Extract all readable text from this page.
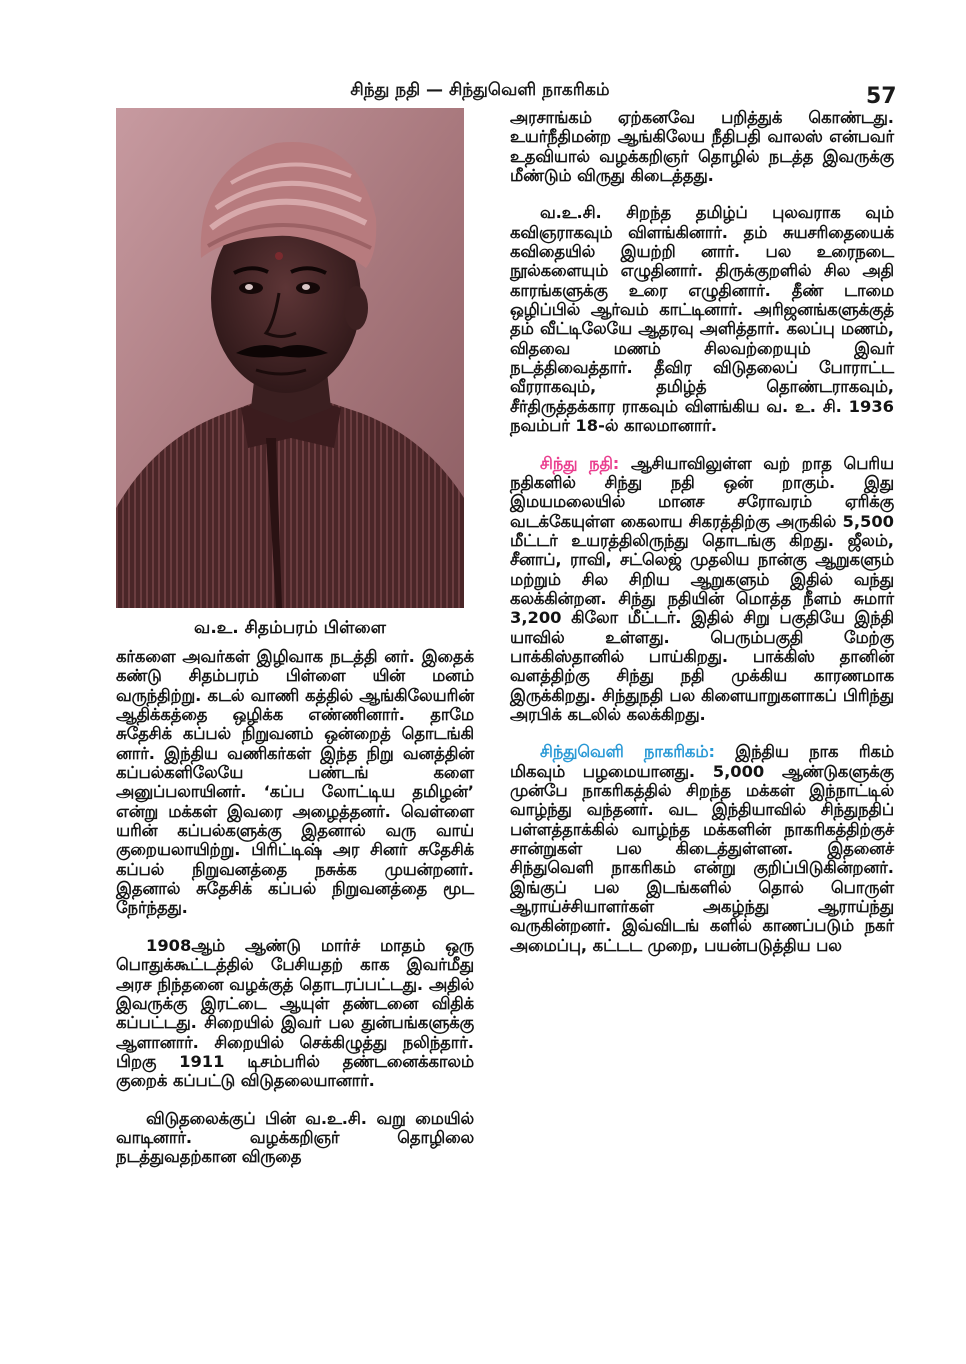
சிந்து நதி — சிந்துவெளி நாகரிகம்	57
வ.உ. சிதம்பரம் பிள்ளை

கர்களை அவர்கள் இழிவாக நடத்தி னர். இதைக் கண்டு சிதம்பரம் பிள்ளை யின் மனம் வருந்திற்று. கடல் வாணி கத்தில் ஆங்கிலேயரின் ஆதிக்கத்தை ஒழிக்க எண்ணினார். தாமே சுதேசிக் கப்பல் நிறுவனம் ஒன்றைத் தொடங்கி னார். இந்திய வணிகர்கள் இந்த நிறு வனத்தின் கப்பல்களிலேயே பண்டங் களை அனுப்பலாயினர். ‘கப்ப லோட்டிய தமிழன்’ என்று மக்கள் இவரை அழைத்தனர். வெள்ளை யரின் கப்பல்களுக்கு இதனால் வரு வாய் குறையலாயிற்று. பிரிட்டிஷ் அர சினர் சுதேசிக் கப்பல் நிறுவனத்தை நசுக்க முயன்றனர். இதனால் சுதேசிக் கப்பல் நிறுவனத்தை மூட நேர்ந்தது.

1908ஆம் ஆண்டு மார்ச் மாதம் ஒரு பொதுக்கூட்டத்தில் பேசியதற் காக இவர்மீது அரச நிந்தனை வழக்குத் தொடரப்பட்டது. அதில் இவருக்கு இரட்டை ஆயுள் தண்டனை விதிக் கப்பட்டது. சிறையில் இவர் பல துன்பங்களுக்கு ஆளானார். சிறையில் செக்கிழுத்து நலிந்தார். பிறகு 1911 டிசம்பரில் தண்டனைக்காலம் குறைக் கப்பட்டு விடுதலையானார்.

விடுதலைக்குப் பின் வ.உ.சி. வறு மையில் வாடினார். வழக்கறிஞர் தொழிலை நடத்துவதற்கான விருதை

அரசாங்கம் ஏற்கனவே பறித்துக் கொண்டது. உயர்நீதிமன்ற ஆங்கிலேய நீதிபதி வாலஸ் என்பவர் உதவியால் வழக்கறிஞர் தொழில் நடத்த இவருக்கு மீண்டும் விருது கிடைத்தது.

வ.உ.சி. சிறந்த தமிழ்ப் புலவராக வும் கவிஞராகவும் விளங்கினார். தம் சுயசரிதையைக் கவிதையில் இயற்றி னார். பல உரைநடை நூல்களையும் எழுதினார். திருக்குறளில் சில அதி காரங்களுக்கு உரை எழுதினார். தீண் டாமை ஒழிப்பில் ஆர்வம் காட்டினார். அரிஜனங்களுக்குத் தம் வீட்டிலேயே ஆதரவு அளித்தார். கலப்பு மணம், விதவை மணம் சிலவற்றையும் இவர் நடத்திவைத்தார். தீவிர விடுதலைப் போராட்ட வீரராகவும், தமிழ்த் தொண்டராகவும், சீர்திருத்தக்கார ராகவும் விளங்கிய வ. உ. சி. 1936 நவம்பர் 18-ல் காலமானார்.

சிந்து நதி: ஆசியாவிலுள்ள வற் றாத பெரிய நதிகளில் சிந்து நதி ஒன் றாகும். இது இமயமலையில் மானச சரோவரம் ஏரிக்கு வடக்கேயுள்ள கைலாய சிகரத்திற்கு அருகில் 5,500 மீட்டர் உயரத்திலிருந்து தொடங்கு கிறது. ஜீலம், சீனாப், ராவி, சட்லெஜ் முதலிய நான்கு ஆறுகளும் மற்றும் சில சிறிய ஆறுகளும் இதில் வந்து கலக்கின்றன. சிந்து நதியின் மொத்த நீளம் சுமார் 3,200 கிலோ மீட்டர். இதில் சிறு பகுதியே இந்தி யாவில் உள்ளது. பெரும்பகுதி மேற்கு பாக்கிஸ்தானில் பாய்கிறது. பாக்கிஸ் தானின் வளத்திற்கு சிந்து நதி முக்கிய காரணமாக இருக்கிறது. சிந்துநதி பல கிளையாறுகளாகப் பிரிந்து அரபிக் கடலில் கலக்கிறது.

சிந்துவெளி நாகரிகம்: இந்திய நாக ரிகம் மிகவும் பழமையானது. 5,000 ஆண்டுகளுக்கு முன்பே நாகரிகத்தில் சிறந்த மக்கள் இந்நாட்டில் வாழ்ந்து வந்தனர். வட இந்தியாவில் சிந்துநதிப் பள்ளத்தாக்கில் வாழ்ந்த மக்களின் நாகரிகத்திற்குச் சான்றுகள் பல கிடைத்துள்ளன. இதனைச் சிந்துவெளி நாகரிகம் என்று குறிப்பிடுகின்றனர். இங்குப் பல இடங்களில் தொல் பொருள் ஆராய்ச்சியாளர்கள் அகழ்ந்து ஆராய்ந்து வருகின்றனர். இவ்விடங் களில் காணப்படும் நகர் அமைப்பு, கட்டட முறை, பயன்படுத்திய பல
